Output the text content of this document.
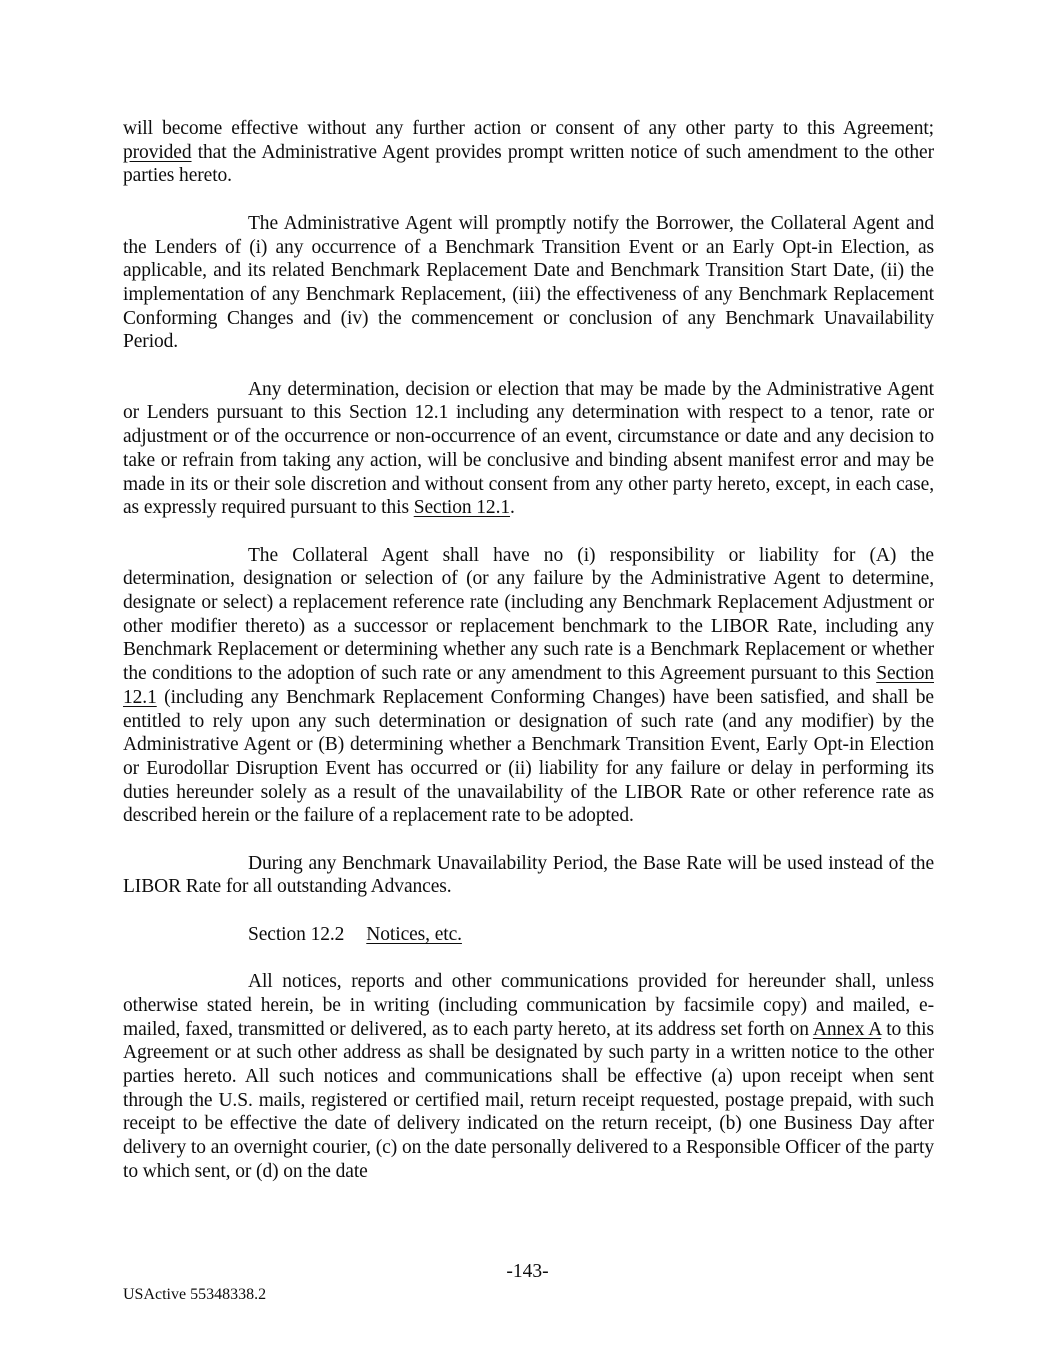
will become effective without any further action or consent of any other party to this Agreement; provided that the Administrative Agent provides prompt written notice of such amendment to the other parties hereto.

The Administrative Agent will promptly notify the Borrower, the Collateral Agent and the Lenders of (i) any occurrence of a Benchmark Transition Event or an Early Opt-in Election, as applicable, and its related Benchmark Replacement Date and Benchmark Transition Start Date, (ii) the implementation of any Benchmark Replacement, (iii) the effectiveness of any Benchmark Replacement Conforming Changes and (iv) the commencement or conclusion of any Benchmark Unavailability Period.

Any determination, decision or election that may be made by the Administrative Agent or Lenders pursuant to this Section 12.1 including any determination with respect to a tenor, rate or adjustment or of the occurrence or non-occurrence of an event, circumstance or date and any decision to take or refrain from taking any action, will be conclusive and binding absent manifest error and may be made in its or their sole discretion and without consent from any other party hereto, except, in each case, as expressly required pursuant to this Section 12.1.

The Collateral Agent shall have no (i) responsibility or liability for (A) the determination, designation or selection of (or any failure by the Administrative Agent to determine, designate or select) a replacement reference rate (including any Benchmark Replacement Adjustment or other modifier thereto) as a successor or replacement benchmark to the LIBOR Rate, including any Benchmark Replacement or determining whether any such rate is a Benchmark Replacement or whether the conditions to the adoption of such rate or any amendment to this Agreement pursuant to this Section 12.1 (including any Benchmark Replacement Conforming Changes) have been satisfied, and shall be entitled to rely upon any such determination or designation of such rate (and any modifier) by the Administrative Agent or (B) determining whether a Benchmark Transition Event, Early Opt-in Election or Eurodollar Disruption Event has occurred or (ii) liability for any failure or delay in performing its duties hereunder solely as a result of the unavailability of the LIBOR Rate or other reference rate as described herein or the failure of a replacement rate to be adopted.

During any Benchmark Unavailability Period, the Base Rate will be used instead of the LIBOR Rate for all outstanding Advances.

Section 12.2 Notices, etc.

All notices, reports and other communications provided for hereunder shall, unless otherwise stated herein, be in writing (including communication by facsimile copy) and mailed, e-mailed, faxed, transmitted or delivered, as to each party hereto, at its address set forth on Annex A to this Agreement or at such other address as shall be designated by such party in a written notice to the other parties hereto. All such notices and communications shall be effective (a) upon receipt when sent through the U.S. mails, registered or certified mail, return receipt requested, postage prepaid, with such receipt to be effective the date of delivery indicated on the return receipt, (b) one Business Day after delivery to an overnight courier, (c) on the date personally delivered to a Responsible Officer of the party to which sent, or (d) on the date

-143-
USActive 55348338.2
